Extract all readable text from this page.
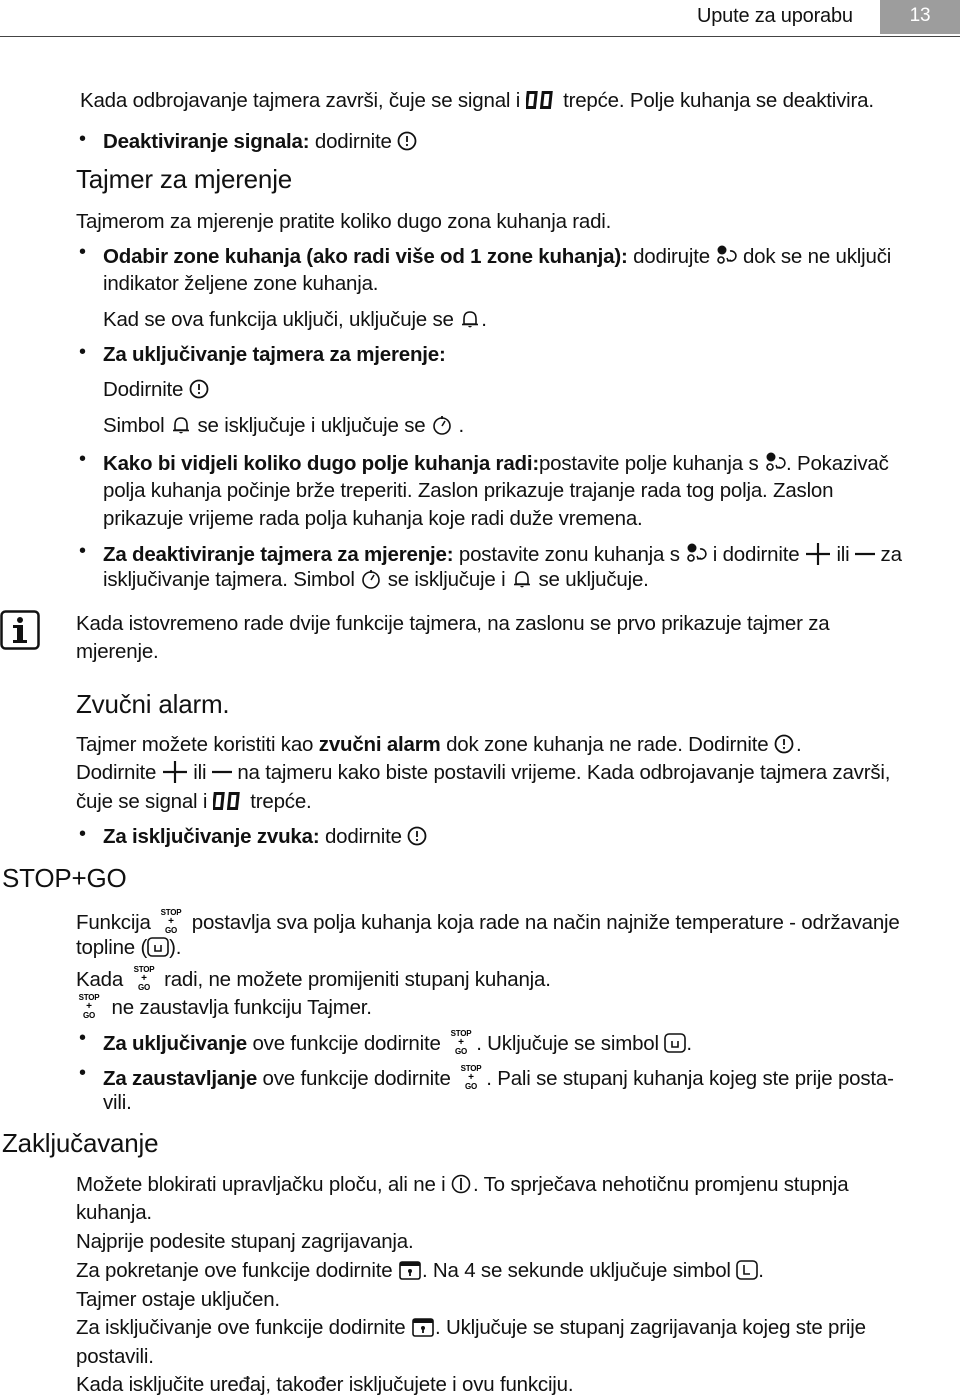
Upute za uporabu	13
Kada odbrojavanje tajmera završi, čuje se signal i trepće. Polje kuhanja se deaktivira.
• Deaktiviranje signala: dodirnite
Tajmer za mjerenje
Tajmerom za mjerenje pratite koliko dugo zona kuhanja radi.
• Odabir zone kuhanja (ako radi više od 1 zone kuhanja): dodirujte dok se ne uključi
indikator željene zone kuhanja.
Kad se ova funkcija uključi, uključuje se .
• Za uključivanje tajmera za mjerenje:
Dodirnite
Simbol se isključuje i uključuje se .
• Kako bi vidjeli koliko dugo polje kuhanja radi:postavite polje kuhanja s . Pokazivač
polja kuhanja počinje brže treperiti. Zaslon prikazuje trajanje rada tog polja. Zaslon
prikazuje vrijeme rada polja kuhanja koje radi duže vremena.
• Za deaktiviranje tajmera za mjerenje: postavite zonu kuhanja s i dodirnite ili za
isključivanje tajmera. Simbol se isključuje i se uključuje.
Kada istovremeno rade dvije funkcije tajmera, na zaslonu se prvo prikazuje tajmer za
mjerenje.
Zvučni alarm.
Tajmer možete koristiti kao zvučni alarm dok zone kuhanja ne rade. Dodirnite .
Dodirnite ili na tajmeru kako biste postavili vrijeme. Kada odbrojavanje tajmera završi,
čuje se signal i trepće.
• Za isključivanje zvuka: dodirnite
STOP+GO
Funkcija STOP
+
GO postavlja sva polja kuhanja koja rade na način najniže temperature - održavanje
topline ( ).
Kada STOP
+
GO radi, ne možete promijeniti stupanj kuhanja.
STOP
+
GO ne zaustavlja funkciju Tajmer.
• Za uključivanje ove funkcije dodirnite STOP
+
GO . Uključuje se simbol .
• Za zaustavljanje ove funkcije dodirnite STOP
+
GO . Pali se stupanj kuhanja kojeg ste prije posta-
vili.
Zaključavanje
Možete blokirati upravljačku ploču, ali ne i . To sprječava nehotičnu promjenu stupnja
kuhanja.
Najprije podesite stupanj zagrijavanja.
Za pokretanje ove funkcije dodirnite . Na 4 se sekunde uključuje simbol .
Tajmer ostaje uključen.
Za isključivanje ove funkcije dodirnite . Uključuje se stupanj zagrijavanja kojeg ste prije
postavili.
Kada isključite uređaj, također isključujete i ovu funkciju.
